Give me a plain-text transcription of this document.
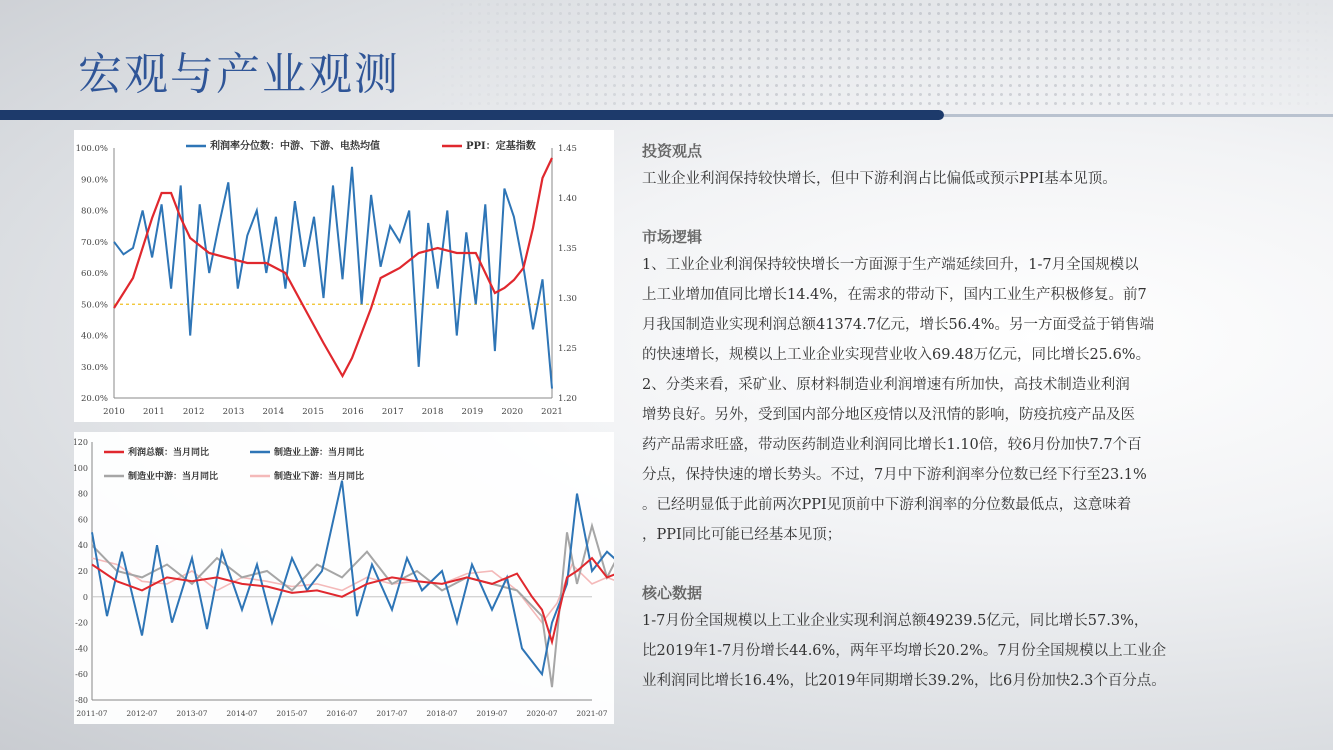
宏观与产业观测
100.0%
90.0%
80.0%
70.0%
60.0%
50.0%
40.0%
30.0%
20.0%
1.45
1.40
1.35
1.30
1.25
1.20
2010 2011 2012 2013 2014 2015 2016 2017 2018 2019 2020 2021
利润率分位数：中游、下游、电热均值	PPI：定基指数
120
100
80
60
40
20
0
-20
-40
-60
-80
2011-07	2012-07	2013-07	2014-07	2015-07	2016-07	2017-07	2018-07	2019-07	2020-07	2021-07
利润总额：当月同比	制造业上游：当月同比
制造业中游：当月同比	制造业下游：当月同比

投资观点

工业企业利润保持较快增长，但中下游利润占比偏低或预示PPI基本见顶。

市场逻辑

1、工业企业利润保持较快增长一方面源于生产端延续回升，1-7月全国规模以

上工业增加值同比增长14.4%，在需求的带动下，国内工业生产积极修复。前7

月我国制造业实现利润总额41374.7亿元，增长56.4%。另一方面受益于销售端

的快速增长，规模以上工业企业实现营业收入69.48万亿元，同比增长25.6%。

2、分类来看，采矿业、原材料制造业利润增速有所加快，高技术制造业利润

增势良好。另外，受到国内部分地区疫情以及汛情的影响，防疫抗疫产品及医

药产品需求旺盛，带动医药制造业利润同比增长1.10倍，较6月份加快7.7个百

分点，保持快速的增长势头。不过，7月中下游利润率分位数已经下行至23.1%

。已经明显低于此前两次PPI见顶前中下游利润率的分位数最低点，这意味着

，PPI同比可能已经基本见顶；

核心数据

1-7月份全国规模以上工业企业实现利润总额49239.5亿元，同比增长57.3%，

比2019年1-7月份增长44.6%，两年平均增长20.2%。7月份全国规模以上工业企

业利润同比增长16.4%，比2019年同期增长39.2%，比6月份加快2.3个百分点。
